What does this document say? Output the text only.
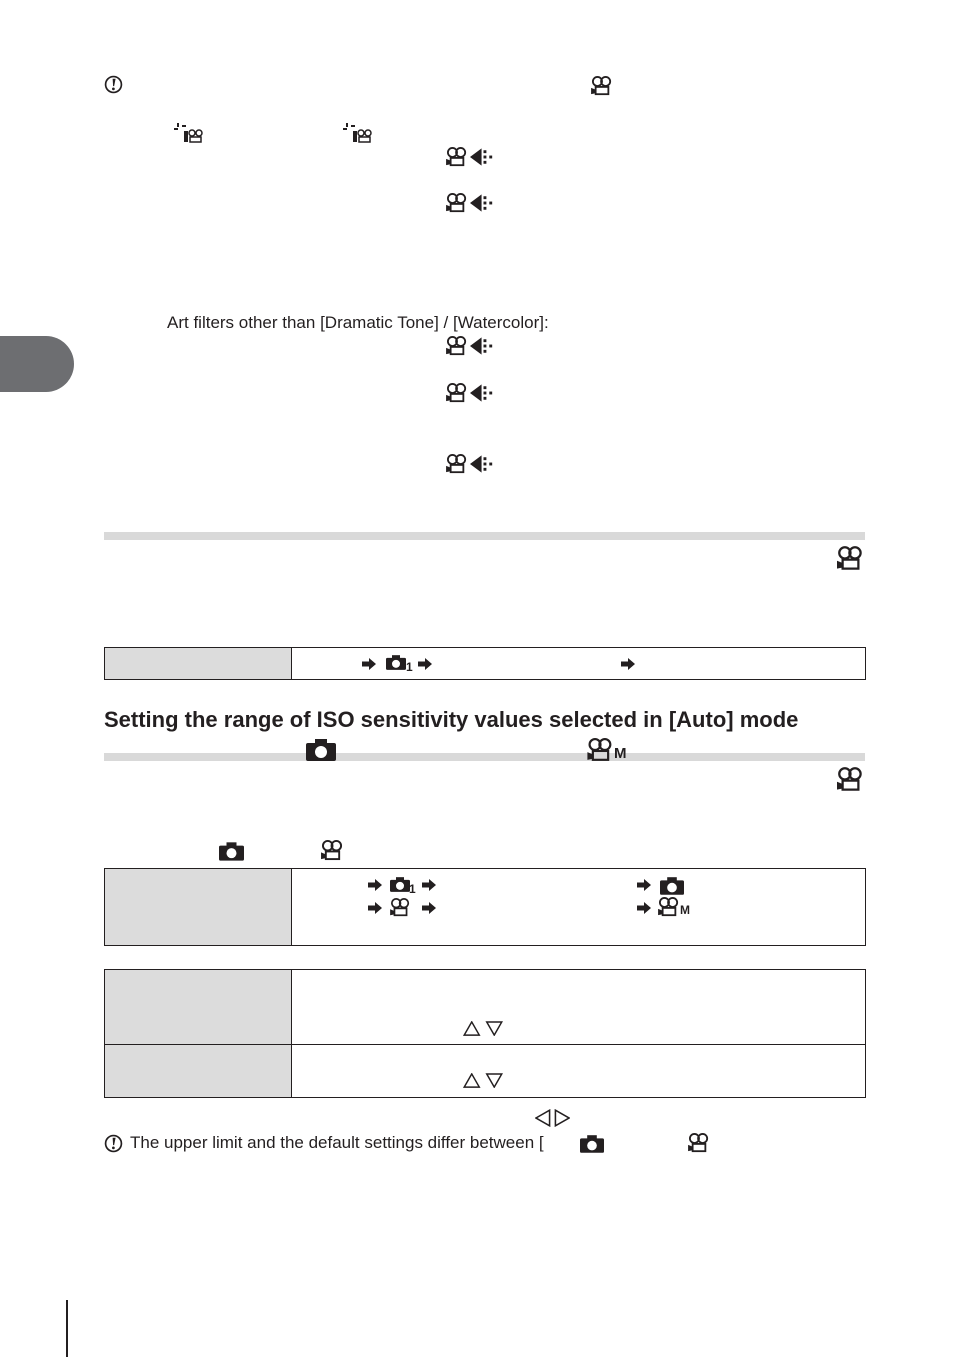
Art filters other than [Dramatic Tone] / [Watercolor]:

1
Setting the range of ISO sensitivity values selected in [Auto] mode
M

1
M

The upper limit and the default settings differ between [
